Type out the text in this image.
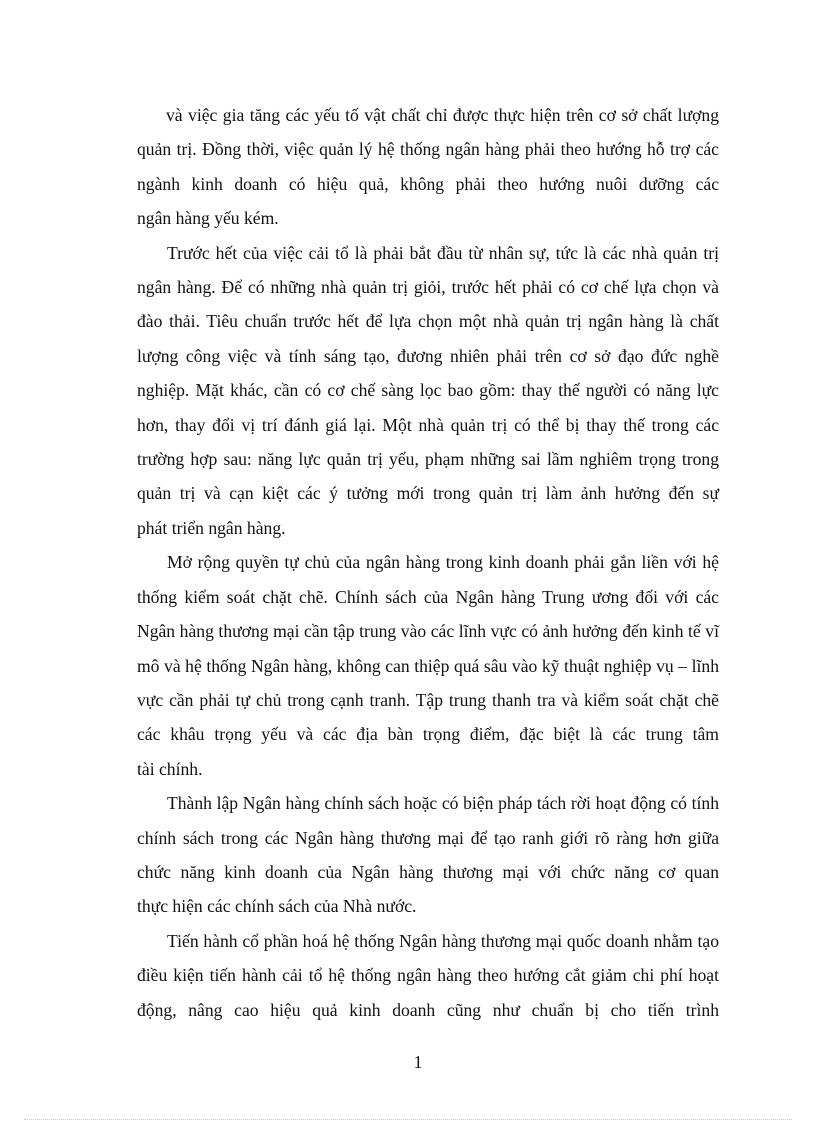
và việc gia tăng các yếu tố vật chất chỉ được thực hiện trên cơ sở chất lượng quản trị. Đồng thời, việc quản lý hệ thống ngân hàng phải theo hướng hỗ trợ các ngành kinh doanh có hiệu quả, không phải theo hướng nuôi dưỡng các
ngân hàng yếu kém.

Trước hết của việc cải tổ là phải bắt đầu từ nhân sự, tức là các nhà quản trị ngân hàng. Để có những nhà quản trị giỏi, trước hết phải có cơ chế lựa chọn và đào thải. Tiêu chuẩn trước hết để lựa chọn một nhà quản trị ngân hàng là chất lượng công việc và tính sáng tạo, đương nhiên phải trên cơ sở đạo đức nghề nghiệp. Mặt khác, cần có cơ chế sàng lọc bao gồm: thay thế người có năng lực hơn, thay đổi vị trí đánh giá lại. Một nhà quản trị có thể bị thay thế trong các trường hợp sau: năng lực quản trị yếu, phạm những sai lầm nghiêm trọng trong quản trị và cạn kiệt các ý tưởng mới trong quản trị làm ảnh hưởng đến sự
phát triển ngân hàng.

Mở rộng quyền tự chủ của ngân hàng trong kinh doanh phải gắn liền với hệ thống kiểm soát chặt chẽ. Chính sách của Ngân hàng Trung ương đối với các Ngân hàng thương mại cần tập trung vào các lĩnh vực có ảnh hưởng đến kinh tế vĩ mô và hệ thống Ngân hàng, không can thiệp quá sâu vào kỹ thuật nghiệp vụ – lĩnh vực cần phải tự chủ trong cạnh tranh. Tập trung thanh tra và kiểm soát chặt chẽ các khâu trọng yếu và các địa bàn trọng điểm, đặc biệt là các trung tâm
tài chính.

Thành lập Ngân hàng chính sách hoặc có biện pháp tách rời hoạt động có tính chính sách trong các Ngân hàng thương mại để tạo ranh giới rõ ràng hơn giữa chức năng kinh doanh của Ngân hàng thương mại với chức năng cơ quan
thực hiện các chính sách của Nhà nước.

Tiến hành cổ phần hoá hệ thống Ngân hàng thương mại quốc doanh nhằm tạo điều kiện tiến hành cải tổ hệ thống ngân hàng theo hướng cắt giảm chi phí hoạt động, nâng cao hiệu quả kinh doanh cũng như chuẩn bị cho tiến trình

1
